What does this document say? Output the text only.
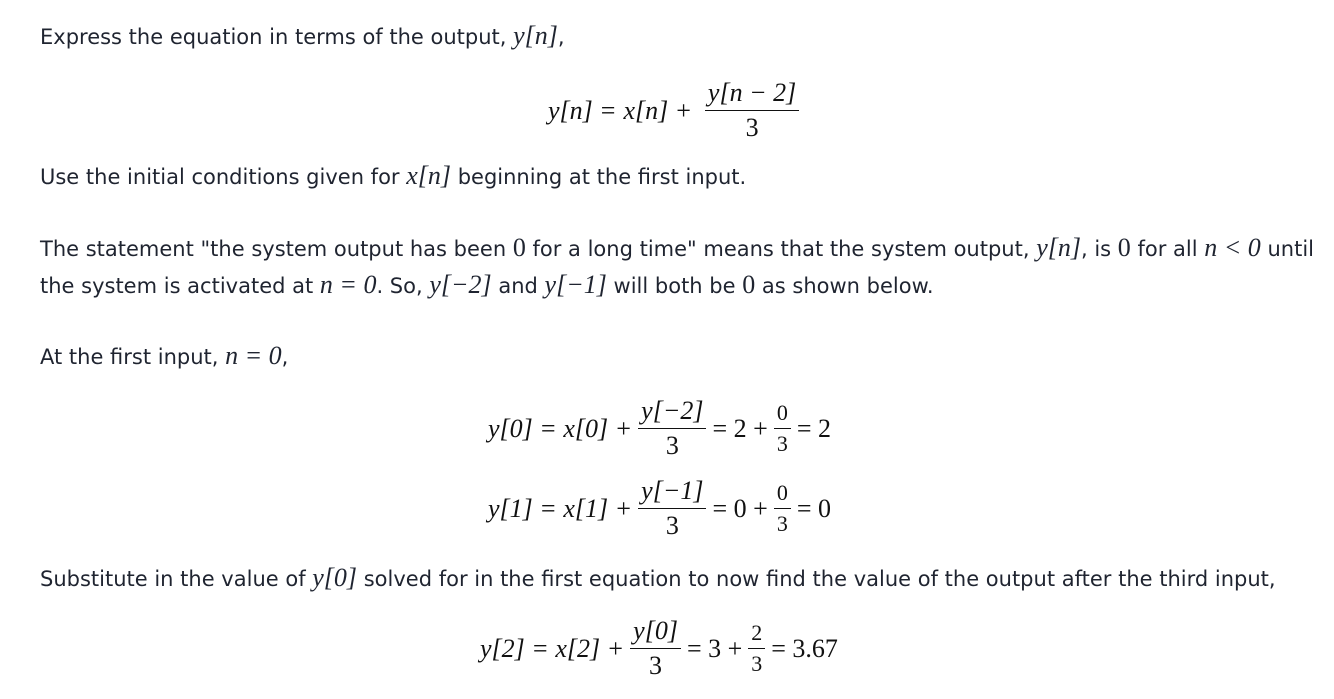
Express the equation in terms of the output, y[n],

$y[n] = x[n] + \frac{y[n - 2]}{3}$

Use the initial conditions given for x[n] beginning at the first input.

The statement "the system output has been 0 for a long time" means that the system output, y[n], is 0 for all n < 0 until
the system is activated at n = 0. So, y[−2] and y[−1] will both be 0 as shown below.

At the first input, n = 0,

$y[0] = x[0] + \frac{y[-2]}{3} = 2 + \frac{0}{3} = 2$
$y[1] = x[1] + \frac{y[-1]}{3} = 0 + \frac{0}{3} = 0$

Substitute in the value of y[0] solved for in the first equation to now find the value of the output after the third input,

$y[2] = x[2] + \frac{y[0]}{3} = 3 + \frac{2}{3} = 3.67$
